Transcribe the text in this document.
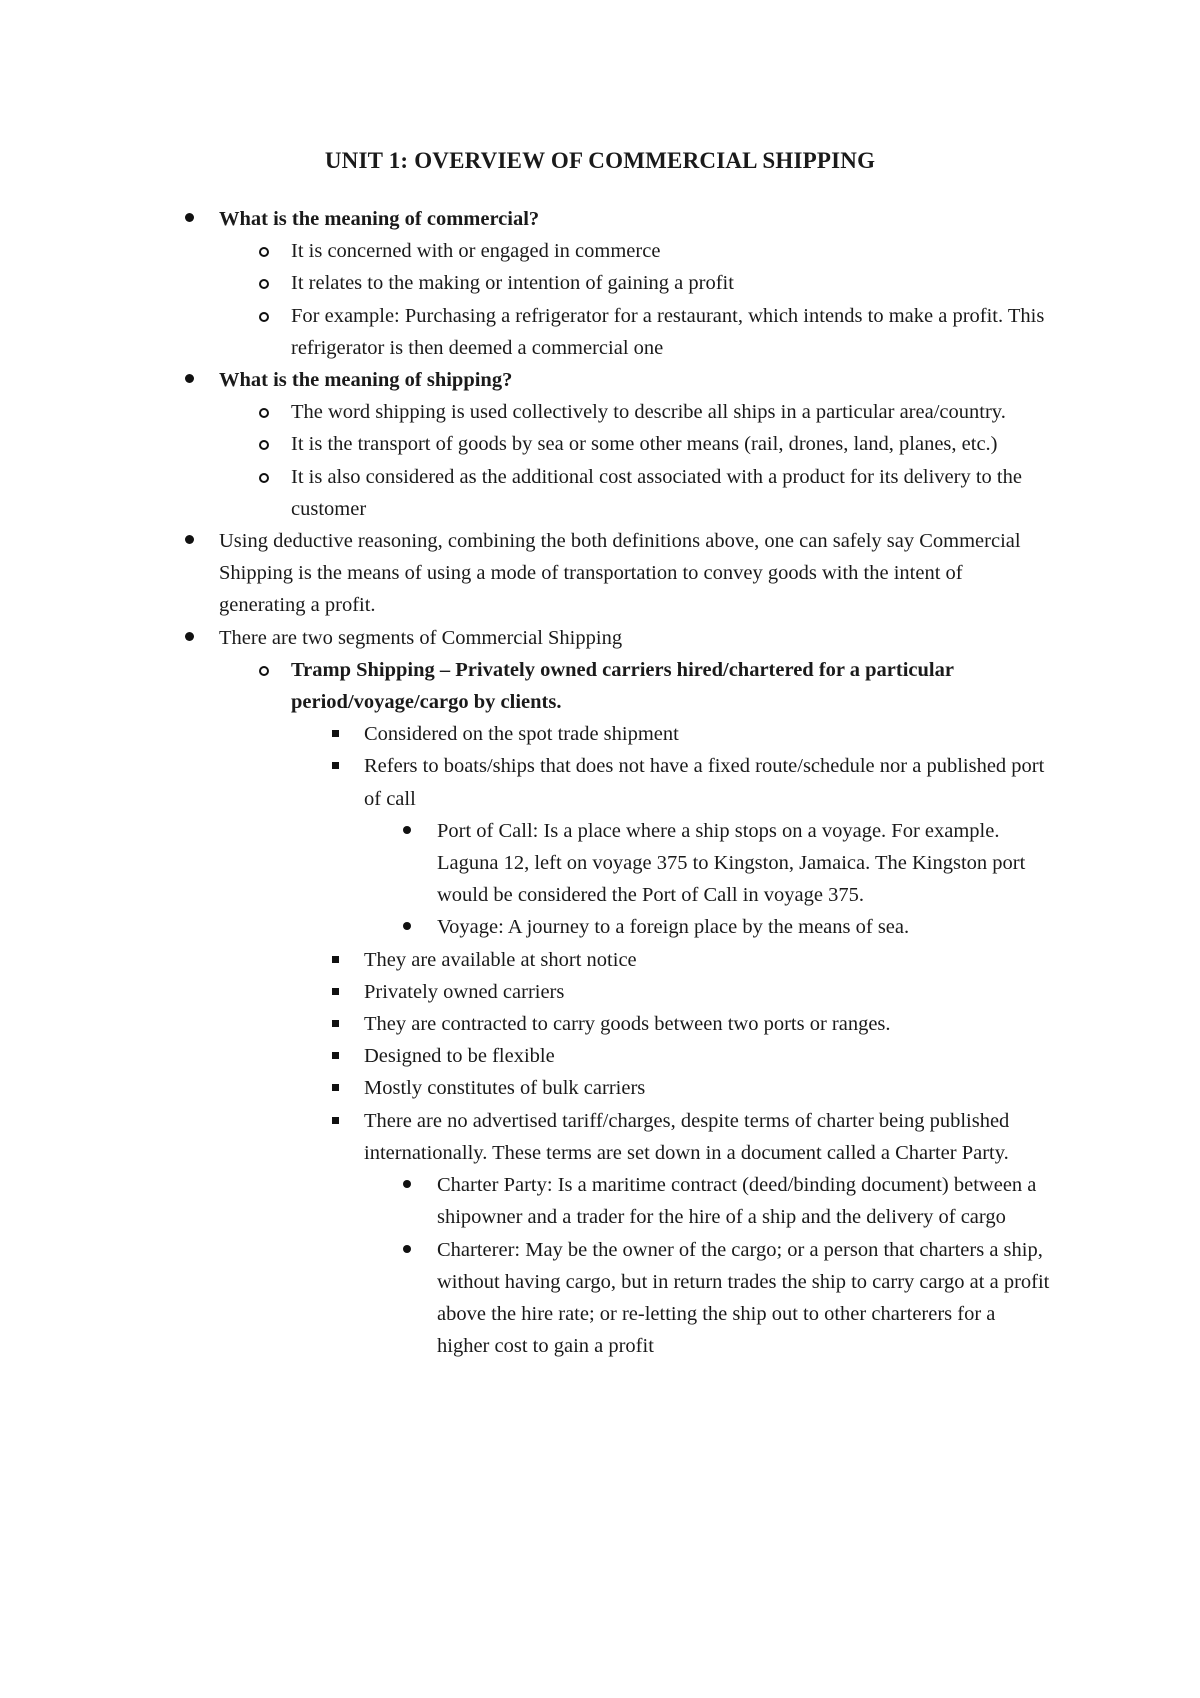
UNIT 1: OVERVIEW OF COMMERCIAL SHIPPING
What is the meaning of commercial?
It is concerned with or engaged in commerce
It relates to the making or intention of gaining a profit
For example: Purchasing a refrigerator for a restaurant, which intends to make a profit. This refrigerator is then deemed a commercial one
What is the meaning of shipping?
The word shipping is used collectively to describe all ships in a particular area/country.
It is the transport of goods by sea or some other means (rail, drones, land, planes, etc.)
It is also considered as the additional cost associated with a product for its delivery to the customer
Using deductive reasoning, combining the both definitions above, one can safely say Commercial Shipping is the means of using a mode of transportation to convey goods with the intent of generating a profit.
There are two segments of Commercial Shipping
Tramp Shipping – Privately owned carriers hired/chartered for a particular period/voyage/cargo by clients.
Considered on the spot trade shipment
Refers to boats/ships that does not have a fixed route/schedule nor a published port of call
Port of Call: Is a place where a ship stops on a voyage. For example. Laguna 12, left on voyage 375 to Kingston, Jamaica. The Kingston port would be considered the Port of Call in voyage 375.
Voyage: A journey to a foreign place by the means of sea.
They are available at short notice
Privately owned carriers
They are contracted to carry goods between two ports or ranges.
Designed to be flexible
Mostly constitutes of bulk carriers
There are no advertised tariff/charges, despite terms of charter being published internationally. These terms are set down in a document called a Charter Party.
Charter Party: Is a maritime contract (deed/binding document) between a shipowner and a trader for the hire of a ship and the delivery of cargo
Charterer: May be the owner of the cargo; or a person that charters a ship, without having cargo, but in return trades the ship to carry cargo at a profit above the hire rate; or re-letting the ship out to other charterers for a higher cost to gain a profit
